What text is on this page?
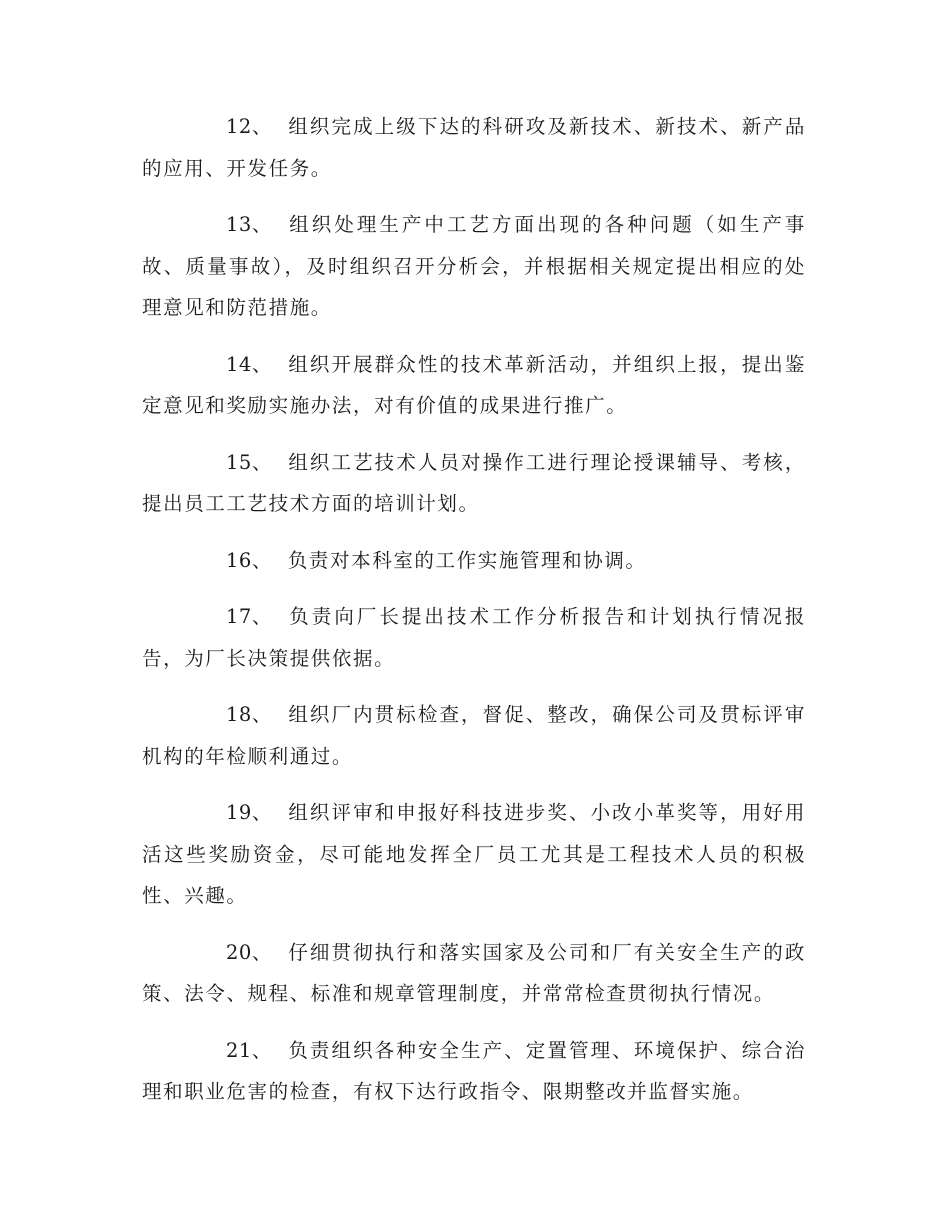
12、 组织完成上级下达的科研攻及新技术、新技术、新产品的应用、开发任务。

13、 组织处理生产中工艺方面出现的各种问题（如生产事故、质量事故），及时组织召开分析会，并根据相关规定提出相应的处理意见和防范措施。

14、 组织开展群众性的技术革新活动，并组织上报，提出鉴定意见和奖励实施办法，对有价值的成果进行推广。

15、 组织工艺技术人员对操作工进行理论授课辅导、考核，提出员工工艺技术方面的培训计划。

16、 负责对本科室的工作实施管理和协调。

17、 负责向厂长提出技术工作分析报告和计划执行情况报告，为厂长决策提供依据。

18、 组织厂内贯标检查，督促、整改，确保公司及贯标评审机构的年检顺利通过。

19、 组织评审和申报好科技进步奖、小改小革奖等，用好用活这些奖励资金，尽可能地发挥全厂员工尤其是工程技术人员的积极性、兴趣。

20、 仔细贯彻执行和落实国家及公司和厂有关安全生产的政策、法令、规程、标准和规章管理制度，并常常检查贯彻执行情况。

21、 负责组织各种安全生产、定置管理、环境保护、综合治理和职业危害的检查，有权下达行政指令、限期整改并监督实施。
